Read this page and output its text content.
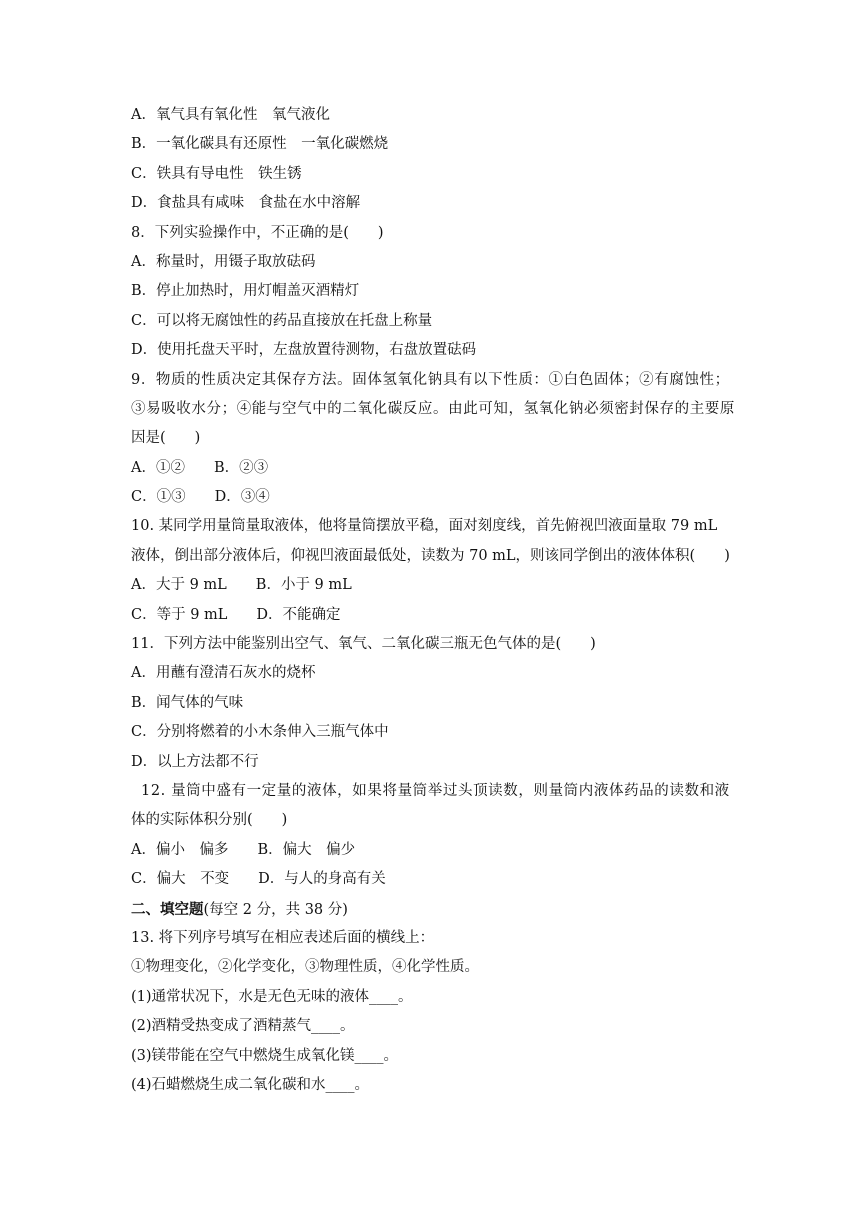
A．氧气具有氧化性　氧气液化
B．一氧化碳具有还原性　一氧化碳燃烧
C．铁具有导电性　铁生锈
D．食盐具有咸味　食盐在水中溶解
8．下列实验操作中，不正确的是(　　)
A．称量时，用镊子取放砝码
B．停止加热时，用灯帽盖灭酒精灯
C．可以将无腐蚀性的药品直接放在托盘上称量
D．使用托盘天平时，左盘放置待测物，右盘放置砝码
9．物质的性质决定其保存方法。固体氢氧化钠具有以下性质：①白色固体；②有腐蚀性；
③易吸收水分；④能与空气中的二氧化碳反应。由此可知，氢氧化钠必须密封保存的主要原
因是(　　)
A．①②　　B．②③
C．①③　　D．③④
10. 某同学用量筒量取液体，他将量筒摆放平稳，面对刻度线，首先俯视凹液面量取 79 mL
液体，倒出部分液体后，仰视凹液面最低处，读数为 70 mL，则该同学倒出的液体体积(　　)
A．大于 9 mL　　B．小于 9 mL
C．等于 9 mL　　D．不能确定
11．下列方法中能鉴别出空气、氧气、二氧化碳三瓶无色气体的是(　　)
A．用蘸有澄清石灰水的烧杯
B．闻气体的气味
C．分别将燃着的小木条伸入三瓶气体中
D．以上方法都不行
12. 量筒中盛有一定量的液体，如果将量筒举过头顶读数，则量筒内液体药品的读数和液
体的实际体积分别(　　)
A．偏小　偏多　　B．偏大　偏少
C．偏大　不变　　D．与人的身高有关
二、填空题(每空 2 分，共 38 分)
13. 将下列序号填写在相应表述后面的横线上：
①物理变化，②化学变化，③物理性质，④化学性质。
(1)通常状况下，水是无色无味的液体____。
(2)酒精受热变成了酒精蒸气____。
(3)镁带能在空气中燃烧生成氧化镁____。
(4)石蜡燃烧生成二氧化碳和水____。
